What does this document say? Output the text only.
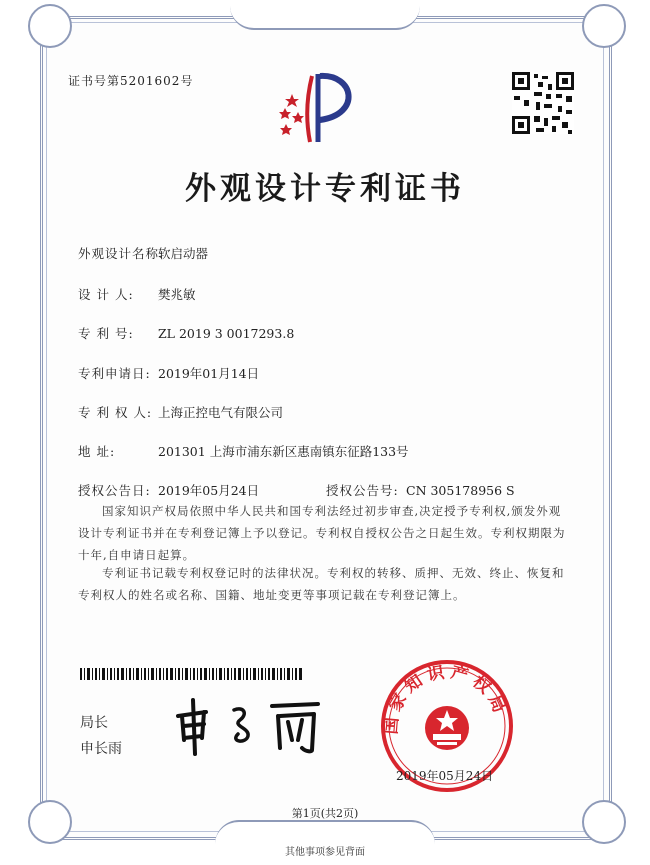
证书号第5201602号
外观设计专利证书
外观设计名称:软启动器
设 计 人: 樊兆敏
专 利 号: ZL 2019 3 0017293.8
专利申请日: 2019年01月14日
专 利 权 人: 上海正控电气有限公司
地 址:	201301 上海市浦东新区惠南镇东征路133号
授权公告日: 2019年05月24日	授权公告号: CN 305178956 S
国家知识产权局依照中华人民共和国专利法经过初步审查,决定授予专利权,颁发外观设计专利证书并在专利登记簿上予以登记。专利权自授权公告之日起生效。专利权期限为十年,自申请日起算。
专利证书记载专利权登记时的法律状况。专利权的转移、质押、无效、终止、恢复和专利权人的姓名或名称、国籍、地址变更等事项记载在专利登记簿上。
局长
申长雨
国家知识产权局
2019年05月24日
第1页(共2页)
其他事项参见背面
